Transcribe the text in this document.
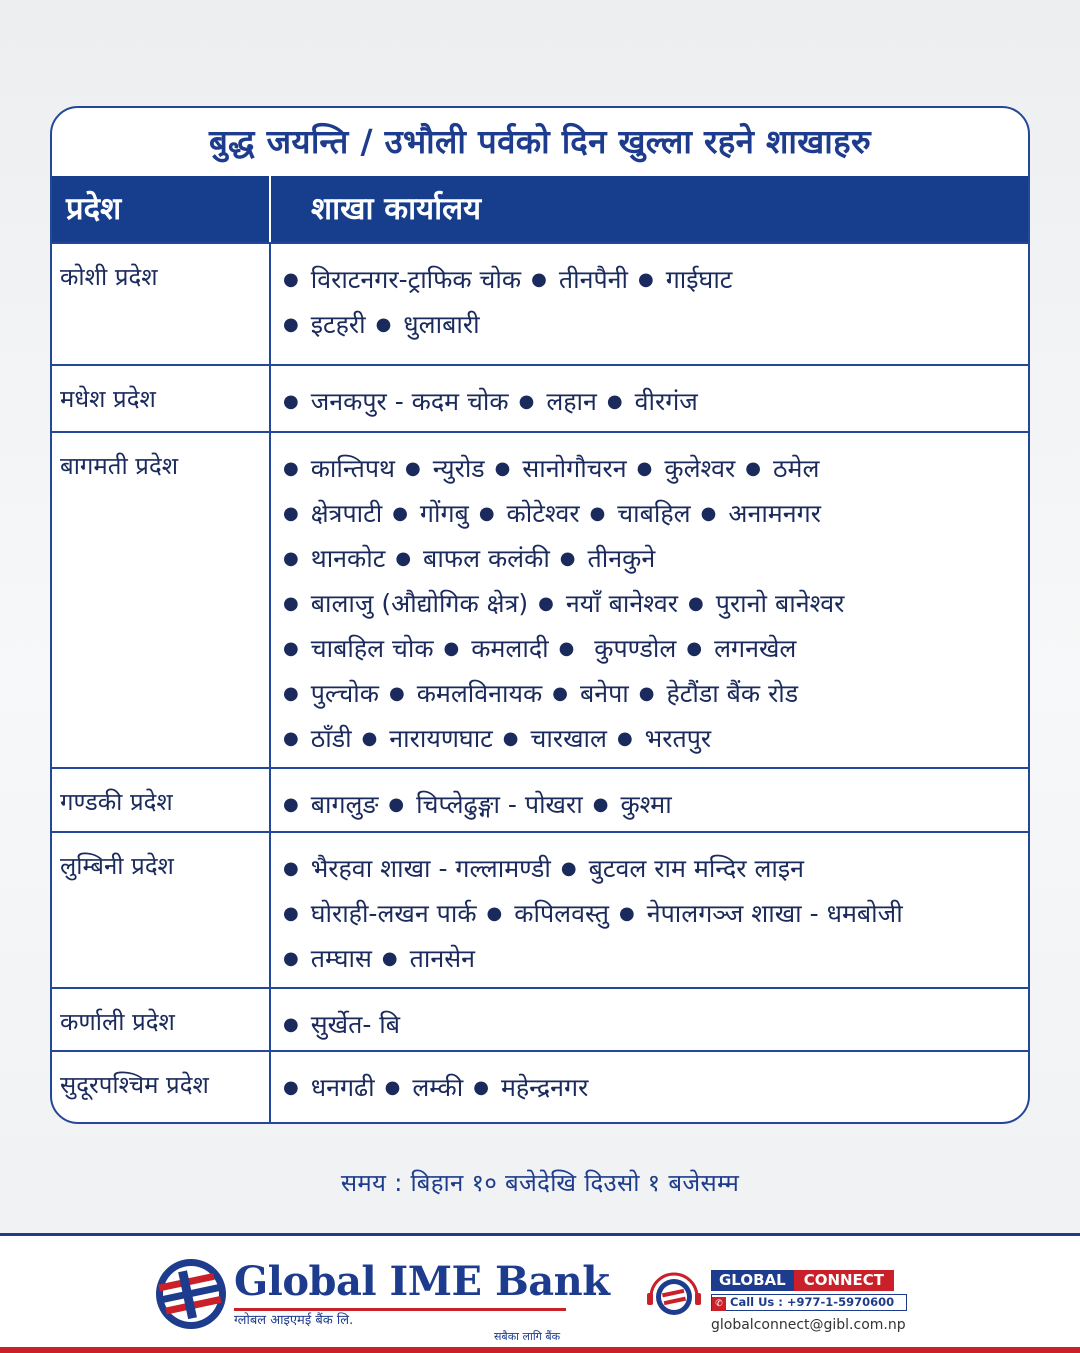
बुद्ध जयन्ति / उभौली पर्वको दिन खुल्ला रहने शाखाहरु
प्रदेश	शाखा कार्यालय
कोशी प्रदेश	● विराटनगर-ट्राफिक चोक ● तीनपैनी ● गाईघाट
● इटहरी ● धुलाबारी
मधेश प्रदेश	● जनकपुर - कदम चोक ● लहान ● वीरगंज
बागमती प्रदेश	● कान्तिपथ ● न्युरोड ● सानोगौचरन ● कुलेश्वर ● ठमेल
● क्षेत्रपाटी ● गोंगबु ● कोटेश्वर ● चाबहिल ● अनामनगर
● थानकोट ● बाफल कलंकी ● तीनकुने
● बालाजु (औद्योगिक क्षेत्र) ● नयाँ बानेश्वर ● पुरानो बानेश्वर
● चाबहिल चोक ● कमलादी ● कुपण्डोल ● लगनखेल
● पुल्चोक ● कमलविनायक ● बनेपा ● हेटौंडा बैंक रोड
● ठाँडी ● नारायणघाट ● चारखाल ● भरतपुर
गण्डकी प्रदेश	● बागलुङ ● चिप्लेढुङ्गा - पोखरा ● कुश्मा
लुम्बिनी प्रदेश	● भैरहवा शाखा - गल्लामण्डी ● बुटवल राम मन्दिर लाइन
● घोराही-लखन पार्क ● कपिलवस्तु ● नेपालगञ्ज शाखा - धमबोजी
● तम्घास ● तानसेन
कर्णाली प्रदेश	● सुर्खेत- बि
सुदूरपश्चिम प्रदेश	● धनगढी ● लम्की ● महेन्द्रनगर
समय : बिहान १० बजेदेखि दिउसो १ बजेसम्म
Global IME Bank
ग्लोबल आइएमई बैंक लि.
सबैका लागि बैंक
GLOBAL	CONNECT
✆ Call Us : +977-1-5970600
globalconnect@gibl.com.np
